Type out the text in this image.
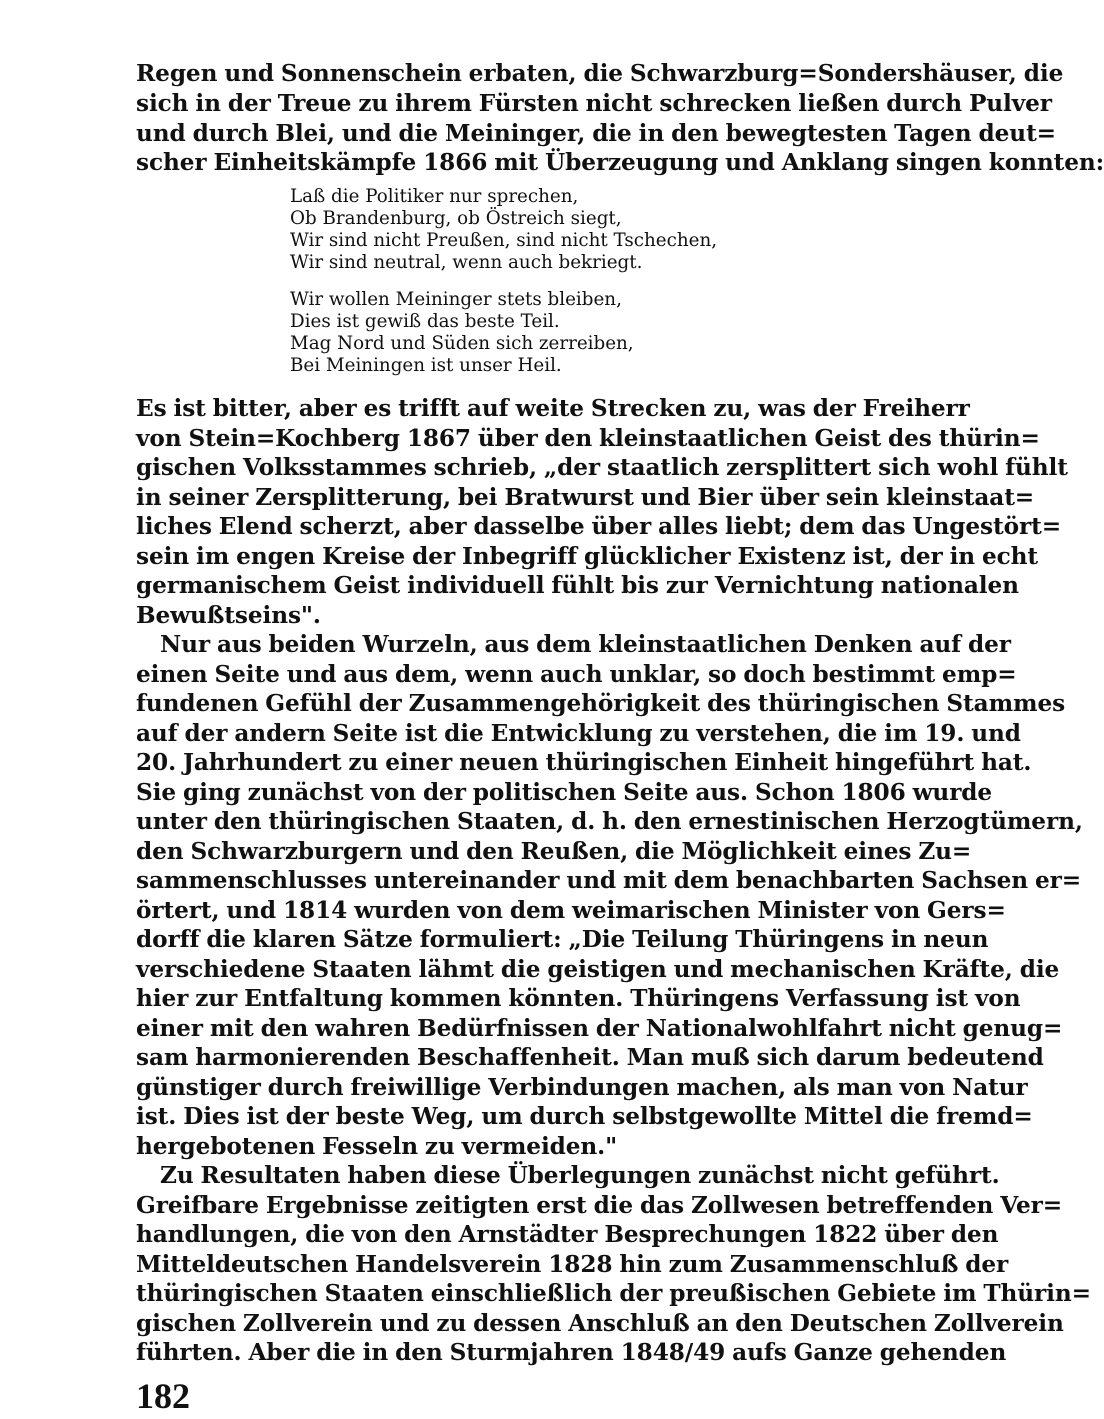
Regen und Sonnenschein erbaten, die Schwarzburg=Sondershäuser, die
sich in der Treue zu ihrem Fürsten nicht schrecken ließen durch Pulver
und durch Blei, und die Meininger, die in den bewegtesten Tagen deut=
scher Einheitskämpfe 1866 mit Überzeugung und Anklang singen konnten:
Laß die Politiker nur sprechen,
Ob Brandenburg, ob Östreich siegt,
Wir sind nicht Preußen, sind nicht Tschechen,
Wir sind neutral, wenn auch bekriegt.
Wir wollen Meininger stets bleiben,
Dies ist gewiß das beste Teil.
Mag Nord und Süden sich zerreiben,
Bei Meiningen ist unser Heil.
Es ist bitter, aber es trifft auf weite Strecken zu, was der Freiherr
von Stein=Kochberg 1867 über den kleinstaatlichen Geist des thürin=
gischen Volksstammes schrieb, „der staatlich zersplittert sich wohl fühlt
in seiner Zersplitterung, bei Bratwurst und Bier über sein kleinstaat=
liches Elend scherzt, aber dasselbe über alles liebt; dem das Ungestört=
sein im engen Kreise der Inbegriff glücklicher Existenz ist, der in echt
germanischem Geist individuell fühlt bis zur Vernichtung nationalen
Bewußtseins".
Nur aus beiden Wurzeln, aus dem kleinstaatlichen Denken auf der
einen Seite und aus dem, wenn auch unklar, so doch bestimmt emp=
fundenen Gefühl der Zusammengehörigkeit des thüringischen Stammes
auf der andern Seite ist die Entwicklung zu verstehen, die im 19. und
20. Jahrhundert zu einer neuen thüringischen Einheit hingeführt hat.
Sie ging zunächst von der politischen Seite aus. Schon 1806 wurde
unter den thüringischen Staaten, d. h. den ernestinischen Herzogtümern,
den Schwarzburgern und den Reußen, die Möglichkeit eines Zu=
sammenschlusses untereinander und mit dem benachbarten Sachsen er=
örtert, und 1814 wurden von dem weimarischen Minister von Gers=
dorff die klaren Sätze formuliert: „Die Teilung Thüringens in neun
verschiedene Staaten lähmt die geistigen und mechanischen Kräfte, die
hier zur Entfaltung kommen könnten. Thüringens Verfassung ist von
einer mit den wahren Bedürfnissen der Nationalwohlfahrt nicht genug=
sam harmonierenden Beschaffenheit. Man muß sich darum bedeutend
günstiger durch freiwillige Verbindungen machen, als man von Natur
ist. Dies ist der beste Weg, um durch selbstgewollte Mittel die fremd=
hergebotenen Fesseln zu vermeiden."
Zu Resultaten haben diese Überlegungen zunächst nicht geführt.
Greifbare Ergebnisse zeitigten erst die das Zollwesen betreffenden Ver=
handlungen, die von den Arnstädter Besprechungen 1822 über den
Mitteldeutschen Handelsverein 1828 hin zum Zusammenschluß der
thüringischen Staaten einschließlich der preußischen Gebiete im Thürin=
gischen Zollverein und zu dessen Anschluß an den Deutschen Zollverein
führten. Aber die in den Sturmjahren 1848/49 aufs Ganze gehenden
182
